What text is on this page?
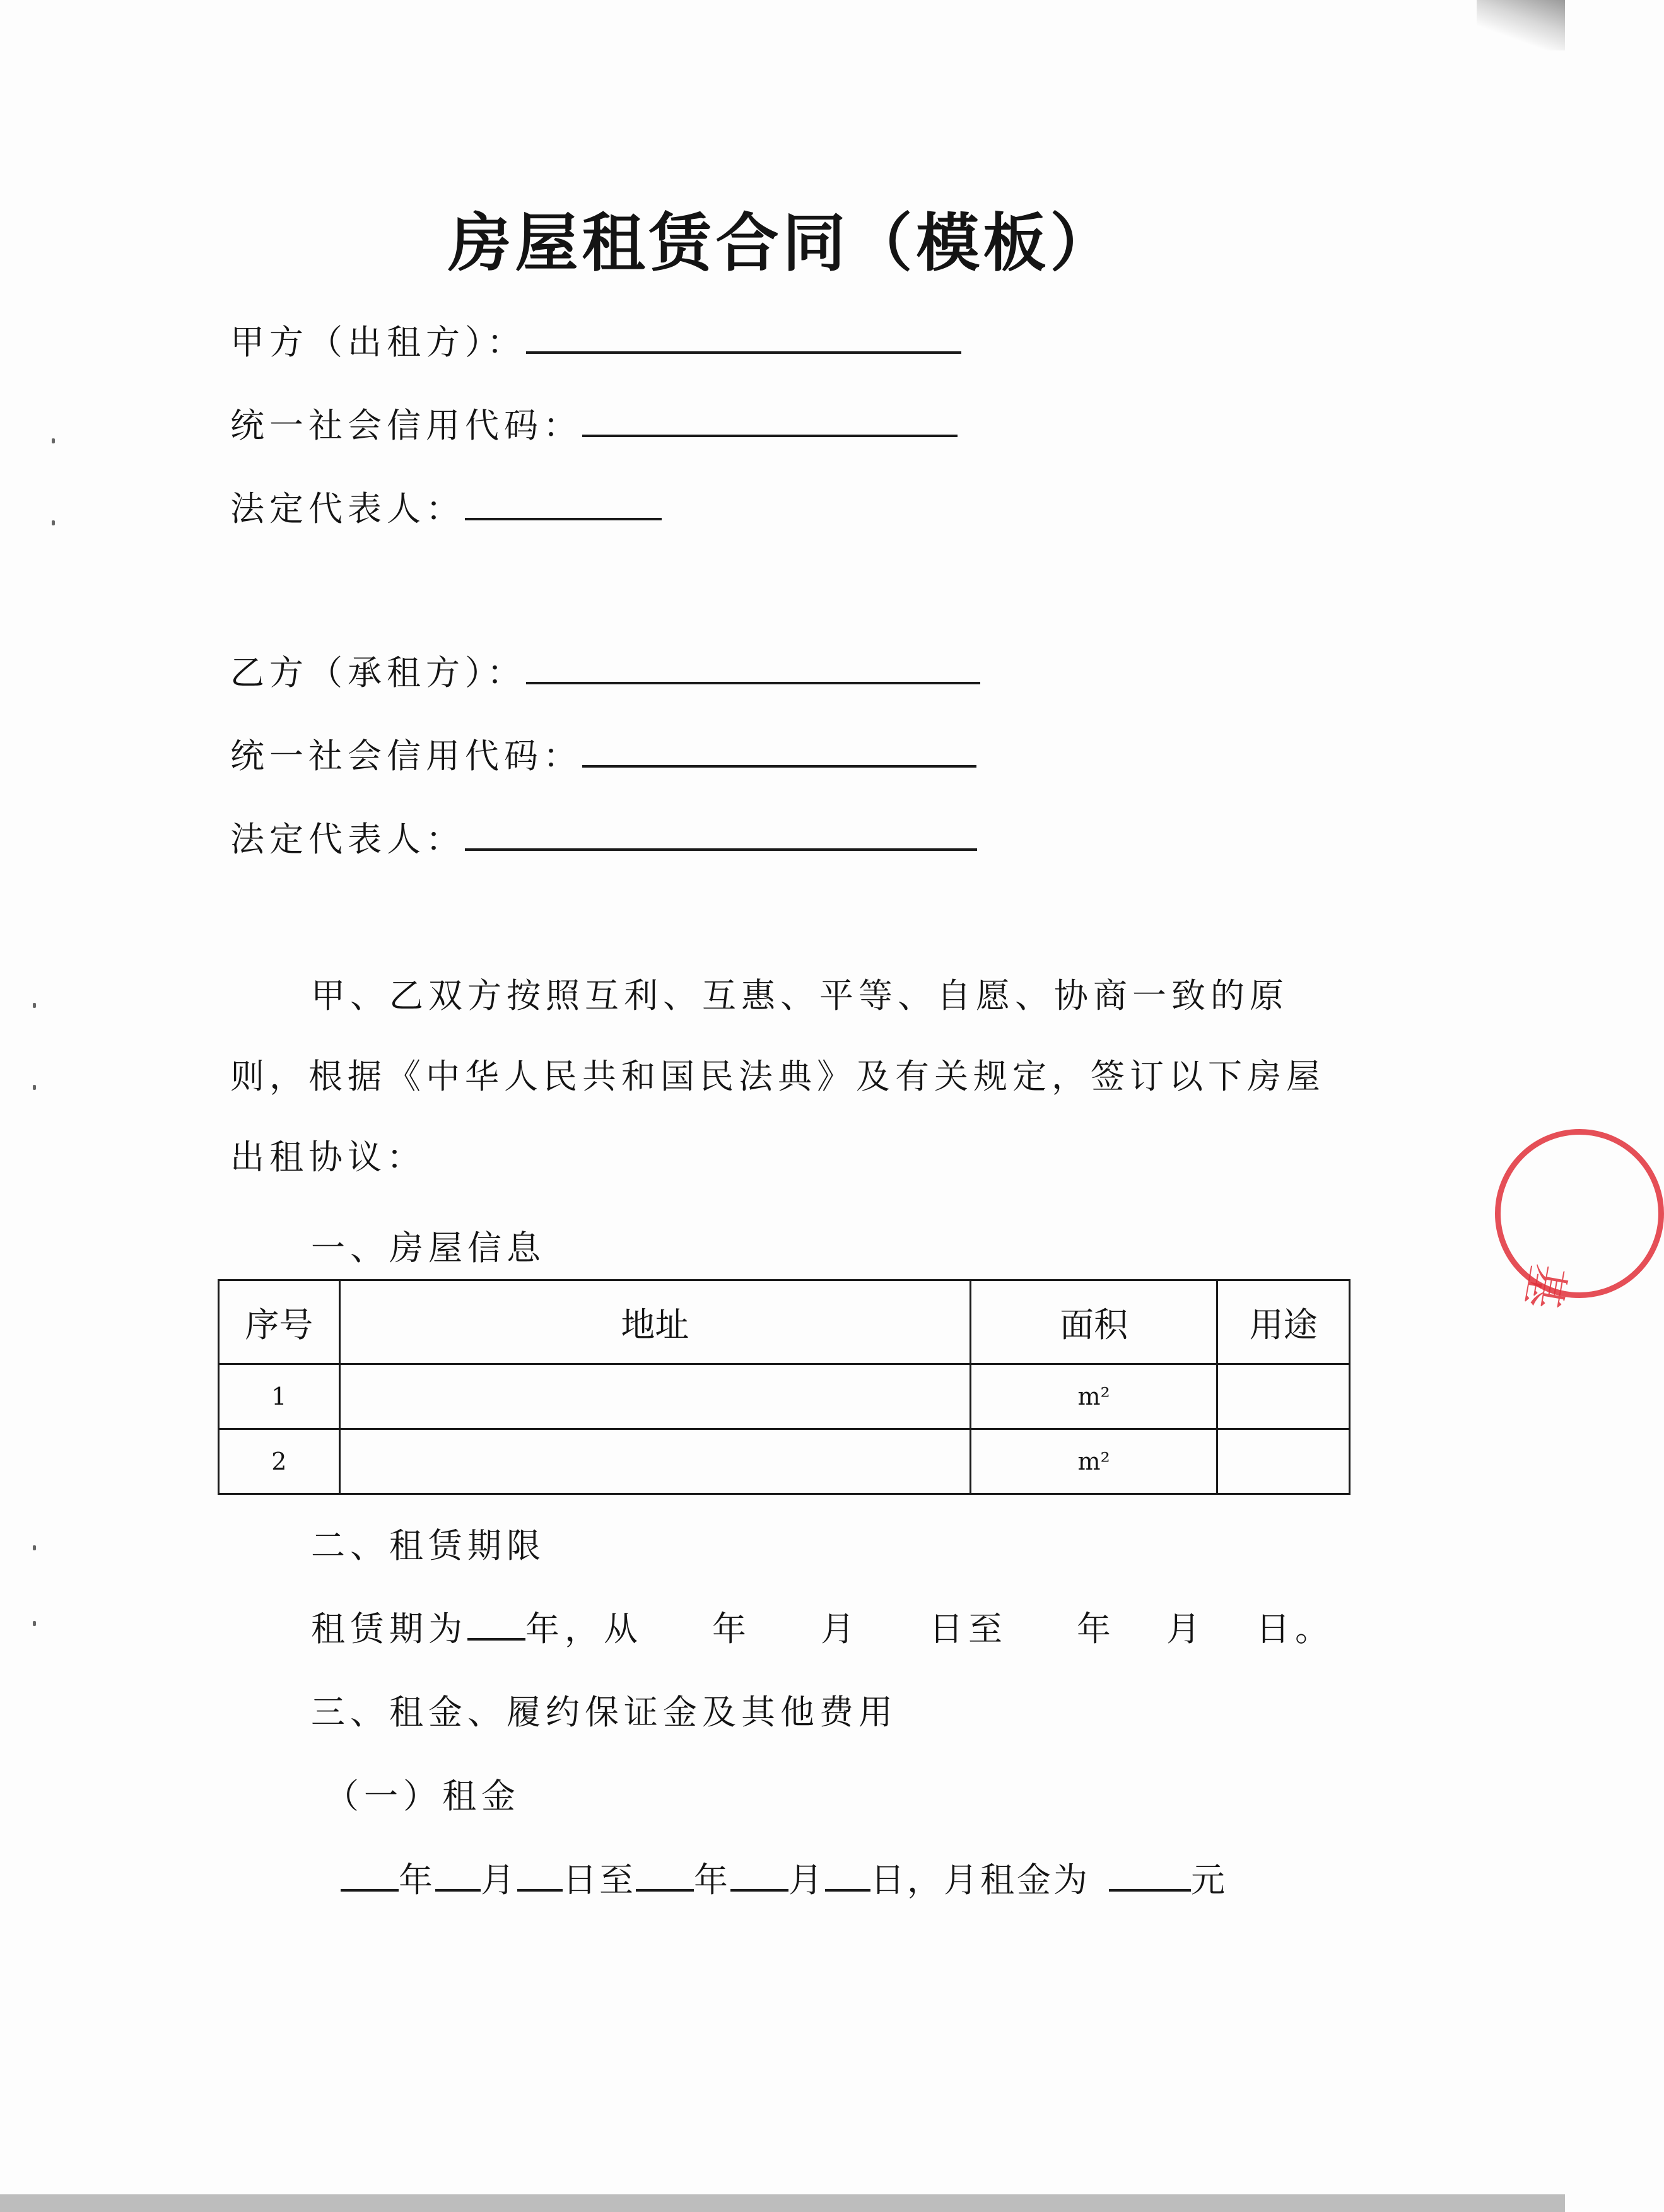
房屋租赁合同（模板）
甲方（出租方）：
统一社会信用代码：
法定代表人：
乙方（承租方）：
统一社会信用代码：
法定代表人：
甲、乙双方按照互利、互惠、平等、自愿、协商一致的原则，根据《中华人民共和国民法典》及有关规定，签订以下房屋出租协议：
一、房屋信息
序号	地址	面积	用途
1		m²	
2		m²	
二、租赁期限
租赁期为 年，从 年 月 日至 年 月 日。
三、租金、履约保证金及其他费用
（一）租金
年 月 日至 年 月 日，月租金为	元
基
